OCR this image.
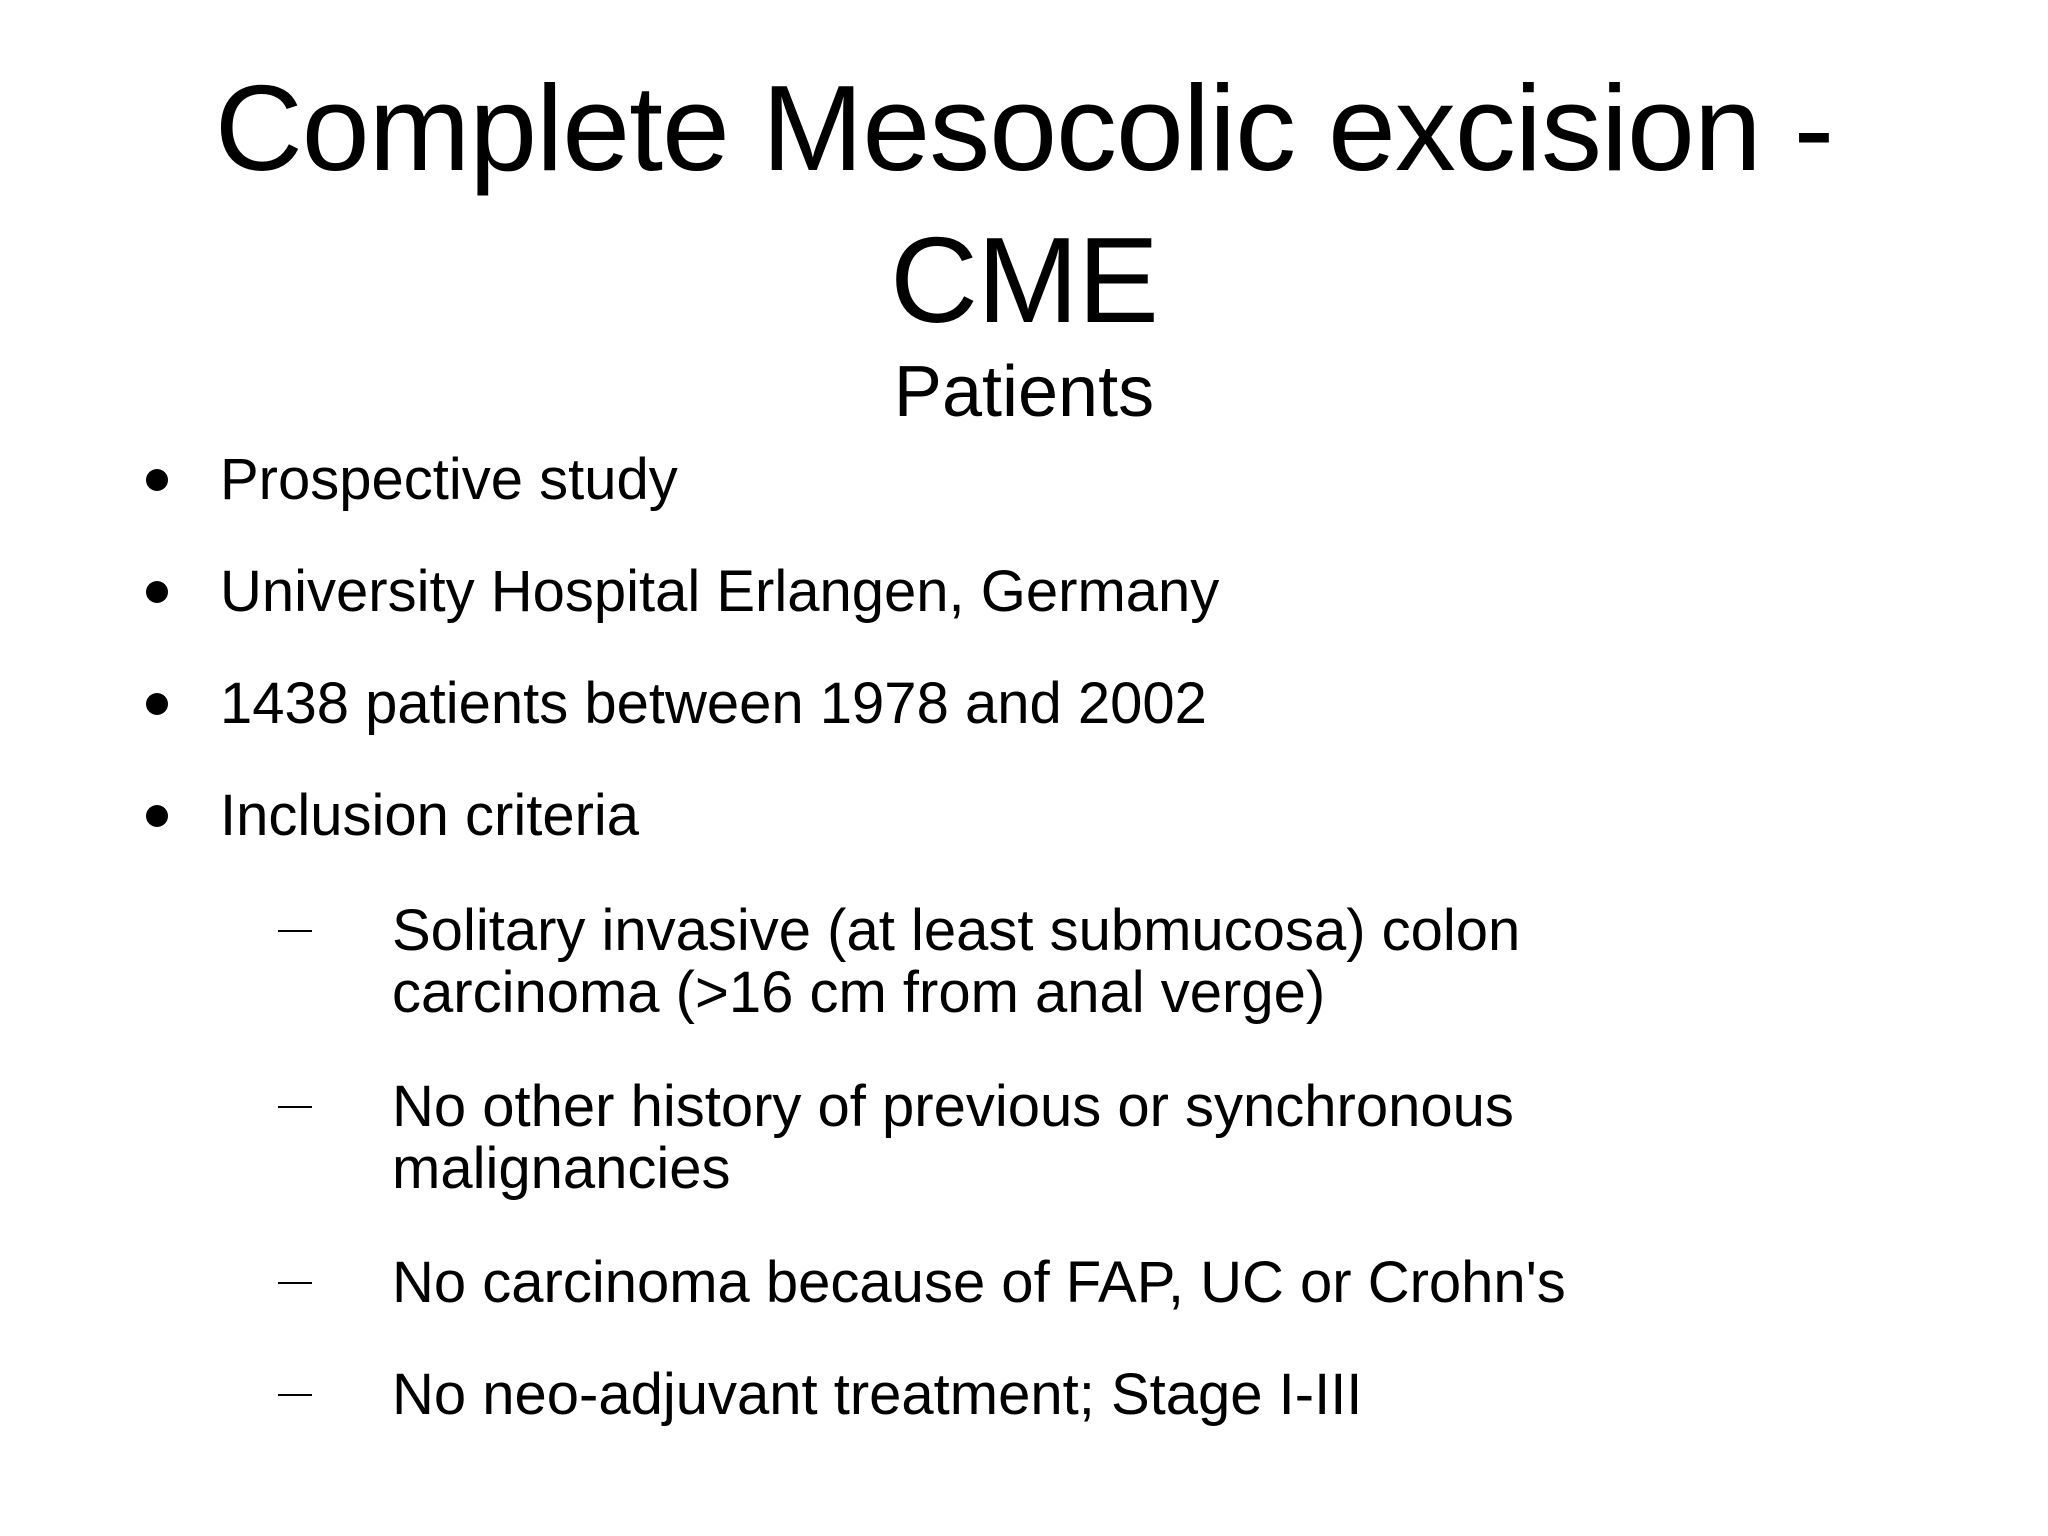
Complete Mesocolic excision -
CME
Patients
Prospective study
University Hospital Erlangen, Germany
1438 patients between 1978 and 2002
Inclusion criteria
Solitary invasive (at least submucosa) colon
carcinoma (>16 cm from anal verge)
No other history of previous or synchronous
malignancies
No carcinoma because of FAP, UC or Crohn's
No neo-adjuvant treatment; Stage I-III
